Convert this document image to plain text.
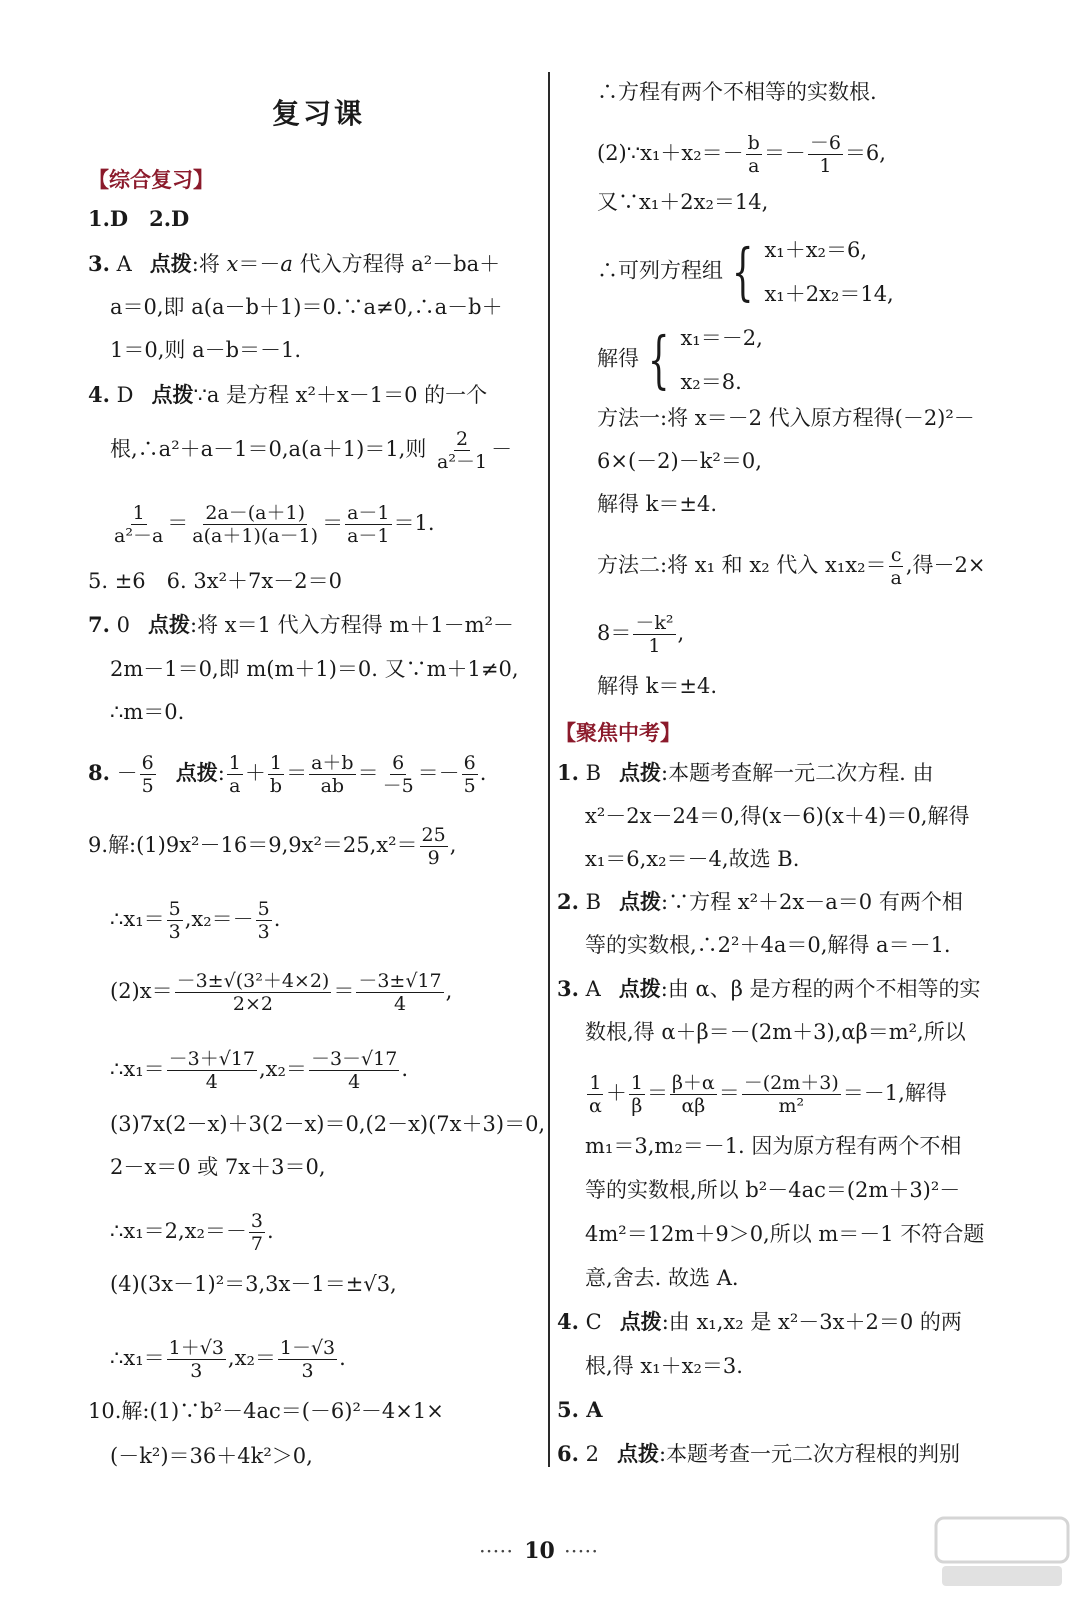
复习课
【综合复习】
1.D　2.D
3. A 点拨:将 x＝－a 代入方程得 a²－ba＋
a＝0,即 a(a－b＋1)＝0.∵a≠0,∴a－b＋
1＝0,则 a－b＝－1.
4. D 点拨∵a 是方程 x²＋x－1＝0 的一个
根,∴a²＋a－1＝0,a(a＋1)＝1,则 $\frac{2}{\text{a²－1}}$ －
$\frac{1}{\text{a²－a}} = \frac{2a-(a+1)}{a(a+1)(a-1)} = \frac{a-1}{a-1} =1$.
5. ±6　6. 3x²＋7x－2＝0
7. 0 点拨:将 x＝1 代入方程得 m＋1－m²－
2m－1＝0,即 m(m＋1)＝0. 又∵m＋1≠0,
∴m＝0.
8. － $\frac{6}{5}$ 点拨: $\frac{1}{a} + \frac{1}{b} = \frac{a+b}{ab} = \frac{6}{-5} =- \frac{6}{5}$ .
9.解:(1)9x²－16＝9,9x²＝25,x²＝ $\frac{25}{9}$ ,
∴x₁＝ $\frac{5}{3} ,x_2=- \frac{5}{3}$ .
$(2)x= \frac{\text{－3±√(3²＋4×2)}}{2\times 2} = \frac{-3\pm√17}{4}$ ,
∴x₁＝ $\frac{-3+√17}{4} ,x_2= \frac{-3-√17}{4}$ .
(3)7x(2－x)＋3(2－x)＝0,(2－x)(7x＋3)＝0,
2－x＝0 或 7x＋3＝0,
∴x₁＝2,x₂＝－ $\frac{3}{7}$ .
(4)(3x－1)²＝3,3x－1＝±√3,
∴x₁＝ $\frac{1+√3}{3} ,x_2= \frac{1-√3}{3}$ .
10.解:(1)∵b²－4ac＝(－6)²－4×1×
(－k²)＝36＋4k²＞0,
∴方程有两个不相等的实数根.
(2)∵x₁＋x₂＝－ $\frac{b}{a} =- \frac{-6}{1} =6$,
又∵x₁＋2x₂＝14,
∴可列方程组 { x₁＋x₂＝6,
x₁＋2x₂＝14,
解得 { x₁＝－2,
x₂＝8.
方法一:将 x＝－2 代入原方程得(－2)²－
6×(－2)－k²＝0,
解得 k＝±4.
方法二:将 x₁ 和 x₂ 代入 $x_1x_2= \frac{c}{a}$ ,得－2×
$8= \frac{\text{－k²}}{1}$ ,
解得 k＝±4.
【聚焦中考】
1. B 点拨:本题考查解一元二次方程. 由
x²－2x－24＝0,得(x－6)(x＋4)＝0,解得
x₁＝6,x₂＝－4,故选 B.
2. B 点拨:∵方程 x²＋2x－a＝0 有两个相
等的实数根,∴2²＋4a＝0,解得 a＝－1.
3. A 点拨:由 α、β 是方程的两个不相等的实
数根,得 α＋β＝－(2m＋3),αβ＝m²,所以
$\frac{1}{\alpha} + \frac{1}{\beta} = \frac{\beta+\alpha}{\alpha\beta} = \frac{-(2m+3)}{\text{m²}} =-1$,解得
m₁＝3,m₂＝－1. 因为原方程有两个不相
等的实数根,所以 b²－4ac＝(2m＋3)²－
4m²＝12m＋9＞0,所以 m＝－1 不符合题
意,舍去. 故选 A.
4. C 点拨:由 x₁,x₂ 是 x²－3x＋2＝0 的两
根,得 x₁＋x₂＝3.
5. A
6. 2 点拨:本题考查一元二次方程根的判别
····· 10 ·····
